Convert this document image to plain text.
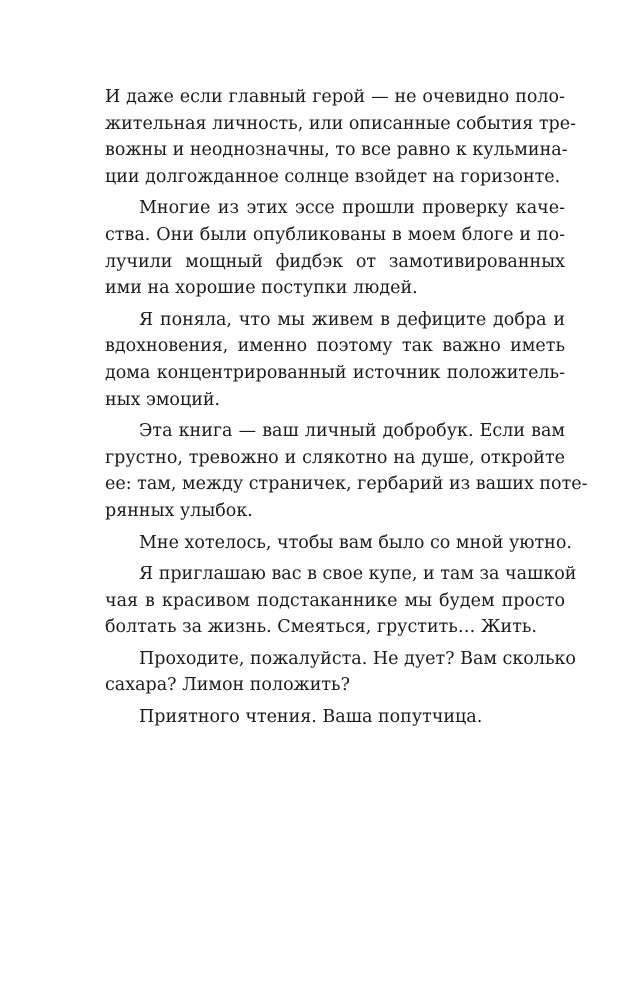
И даже если главный герой — не очевидно поло-
жительная личность, или описанные события тре-
вожны и неоднозначны, то все равно к кульмина-
ции долгожданное солнце взойдет на горизонте.
Многие из этих эссе прошли проверку каче-
ства. Они были опубликованы в моем блоге и по-
лучили мощный фидбэк от замотивированных
ими на хорошие поступки людей.
Я поняла, что мы живем в дефиците добра и
вдохновения, именно поэтому так важно иметь
дома концентрированный источник положитель-
ных эмоций.
Эта книга — ваш личный добробук. Если вам
грустно, тревожно и слякотно на душе, откройте
ее: там, между страничек, гербарий из ваших поте-
рянных улыбок.
Мне хотелось, чтобы вам было со мной уютно.
Я приглашаю вас в свое купе, и там за чашкой
чая в красивом подстаканнике мы будем просто
болтать за жизнь. Смеяться, грустить… Жить.
Проходите, пожалуйста. Не дует? Вам сколько
сахара? Лимон положить?
Приятного чтения. Ваша попутчица.
